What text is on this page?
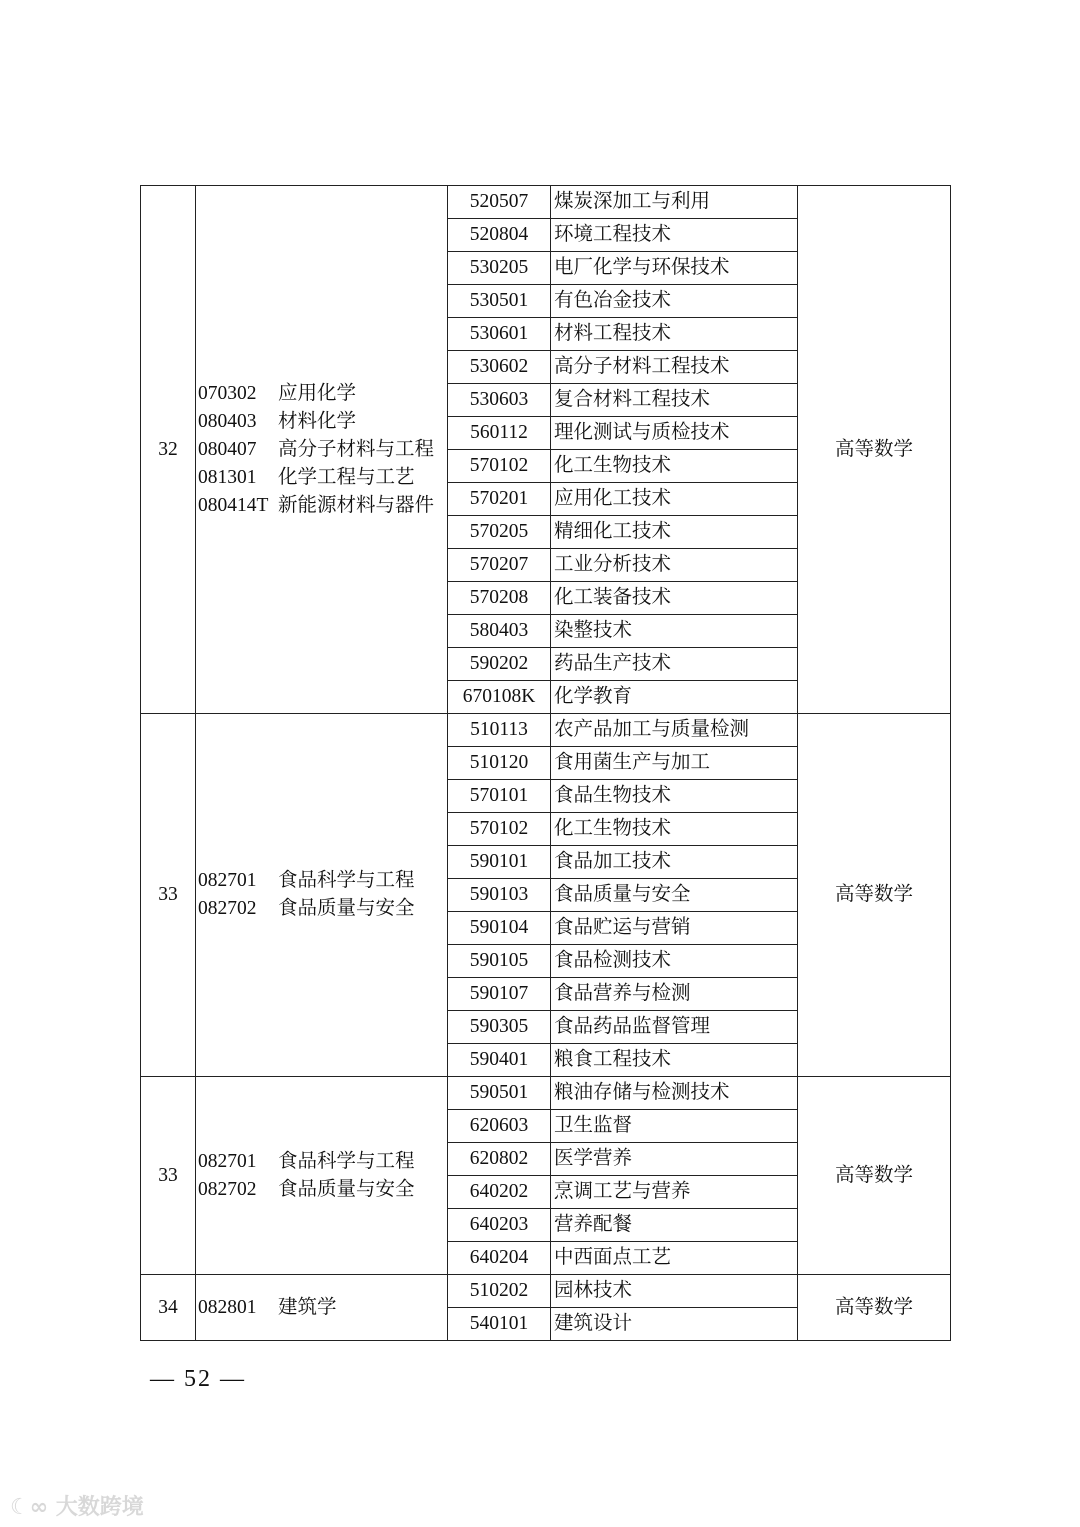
32	070302 应用化学
080403 材料化学
080407 高分子材料与工程
081301 化学工程与工艺
080414T 新能源材料与器件	520507	煤炭深加工与利用	高等数学
		520804	环境工程技术	
		530205	电厂化学与环保技术	
		530501	有色冶金技术	
		530601	材料工程技术	
		530602	高分子材料工程技术	
		530603	复合材料工程技术	
		560112	理化测试与质检技术	
		570102	化工生物技术	
		570201	应用化工技术	
		570205	精细化工技术	
		570207	工业分析技术	
		570208	化工装备技术	
		580403	染整技术	
		590202	药品生产技术	
		670108K	化学教育	
33	082701 食品科学与工程
082702 食品质量与安全	510113	农产品加工与质量检测	高等数学
		510120	食用菌生产与加工	
		570101	食品生物技术	
		570102	化工生物技术	
		590101	食品加工技术	
		590103	食品质量与安全	
		590104	食品贮运与营销	
		590105	食品检测技术	
		590107	食品营养与检测	
		590305	食品药品监督管理	
		590401	粮食工程技术	
33	082701 食品科学与工程
082702 食品质量与安全	590501	粮油存储与检测技术	高等数学
		620603	卫生监督	
		620802	医学营养	
		640202	烹调工艺与营养	
		640203	营养配餐	
		640204	中西面点工艺	
34	082801 建筑学	510202	园林技术	高等数学
		540101	建筑设计	
— 52 —
☾∞ 大数跨境
